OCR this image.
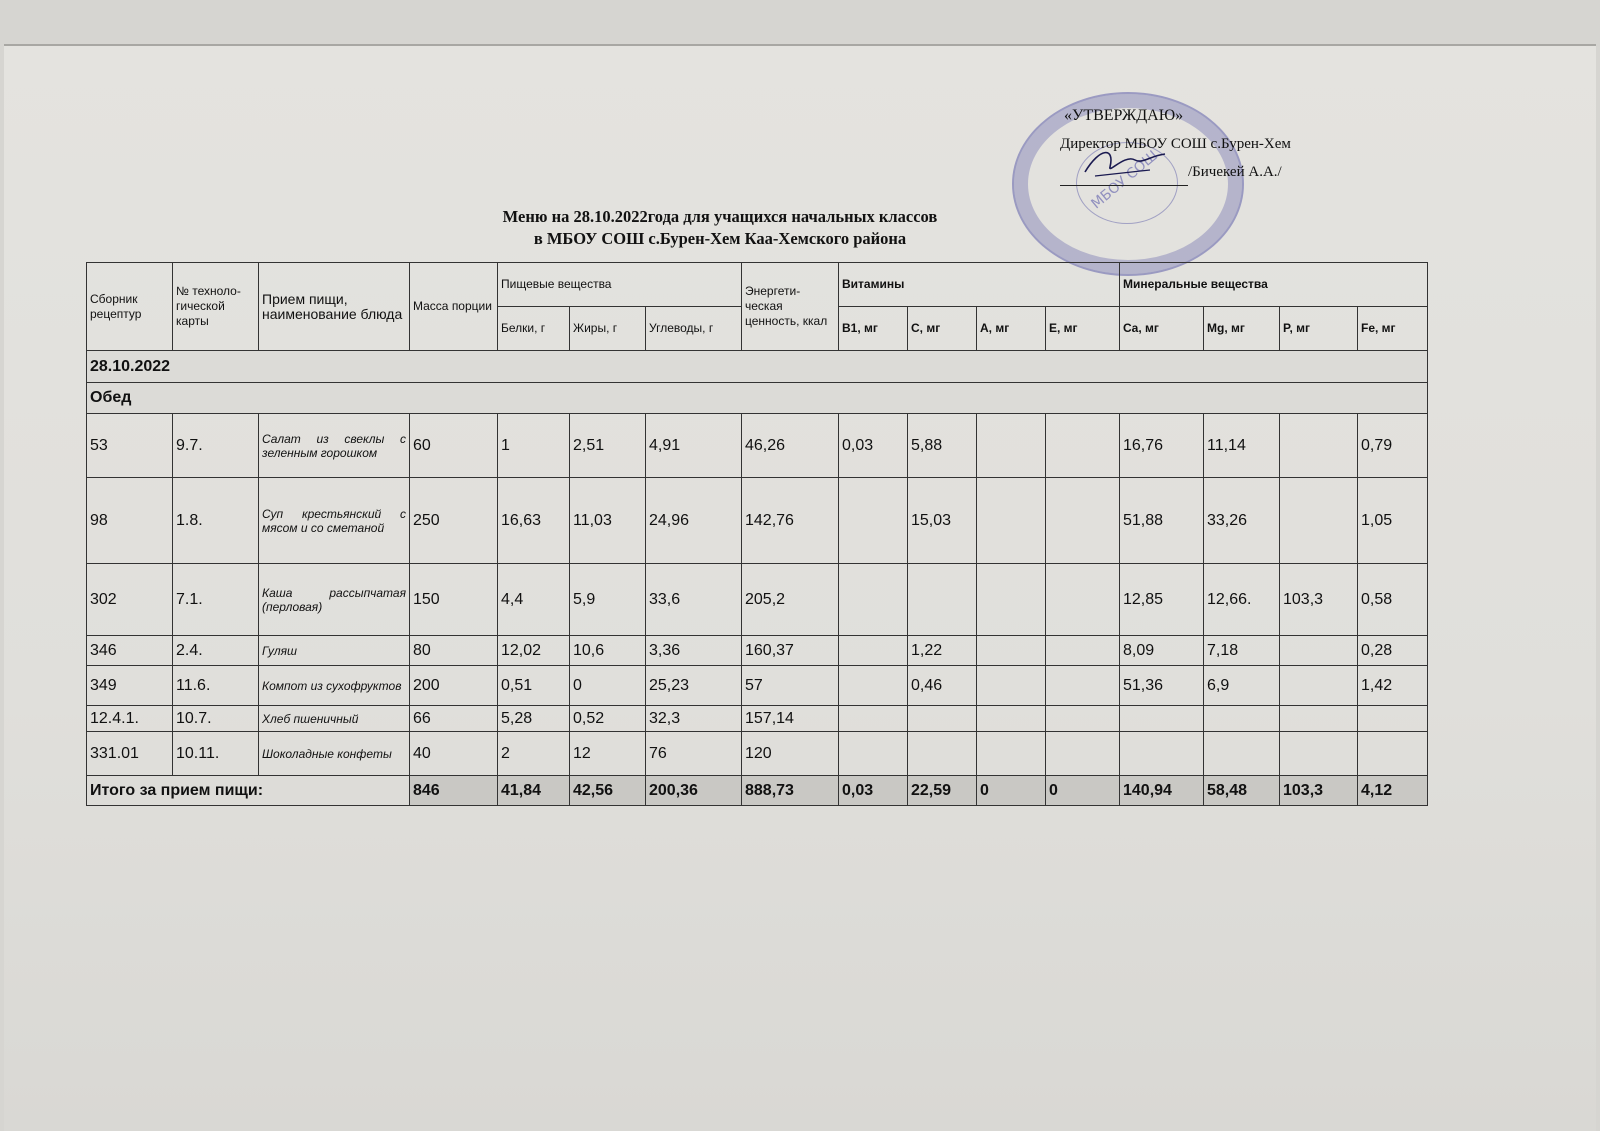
МБОУ СОШ
«УТВЕРЖДАЮ»
Директор МБОУ СОШ с.Бурен-Хем
/Бичекей А.А./
Меню на 28.10.2022года для учащихся начальных классов
в МБОУ СОШ с.Бурен-Хем Каа-Хемского района
Сборник рецептур	№ техноло-гической карты	Прием пищи, наименование блюда	Масса порции	Пищевые вещества			Энергети-ческая ценность, ккал	Витамины				Минеральные вещества			
				Белки, г	Жиры, г	Углеводы, г		B1, мг	C, мг	A, мг	E, мг	Ca, мг	Mg, мг	P, мг	Fe, мг
28.10.2022															
Обед															
53	9.7.	Салат из свеклы с зеленным горошком	60	1	2,51	4,91	46,26	0,03	5,88			16,76	11,14		0,79
98	1.8.	Суп крестьянский с мясом и со сметаной	250	16,63	11,03	24,96	142,76		15,03			51,88	33,26		1,05
302	7.1.	Каша рассыпчатая (перловая)	150	4,4	5,9	33,6	205,2					12,85	12,66.	103,3	0,58
346	2.4.	Гуляш	80	12,02	10,6	3,36	160,37		1,22			8,09	7,18		0,28
349	11.6.	Компот из сухофруктов	200	0,51	0	25,23	57		0,46			51,36	6,9		1,42
12.4.1.	10.7.	Хлеб пшеничный	66	5,28	0,52	32,3	157,14								
331.01	10.11.	Шоколадные конфеты	40	2	12	76	120								
Итого за прием пищи:			846	41,84	42,56	200,36	888,73	0,03	22,59	0	0	140,94	58,48	103,3	4,12
